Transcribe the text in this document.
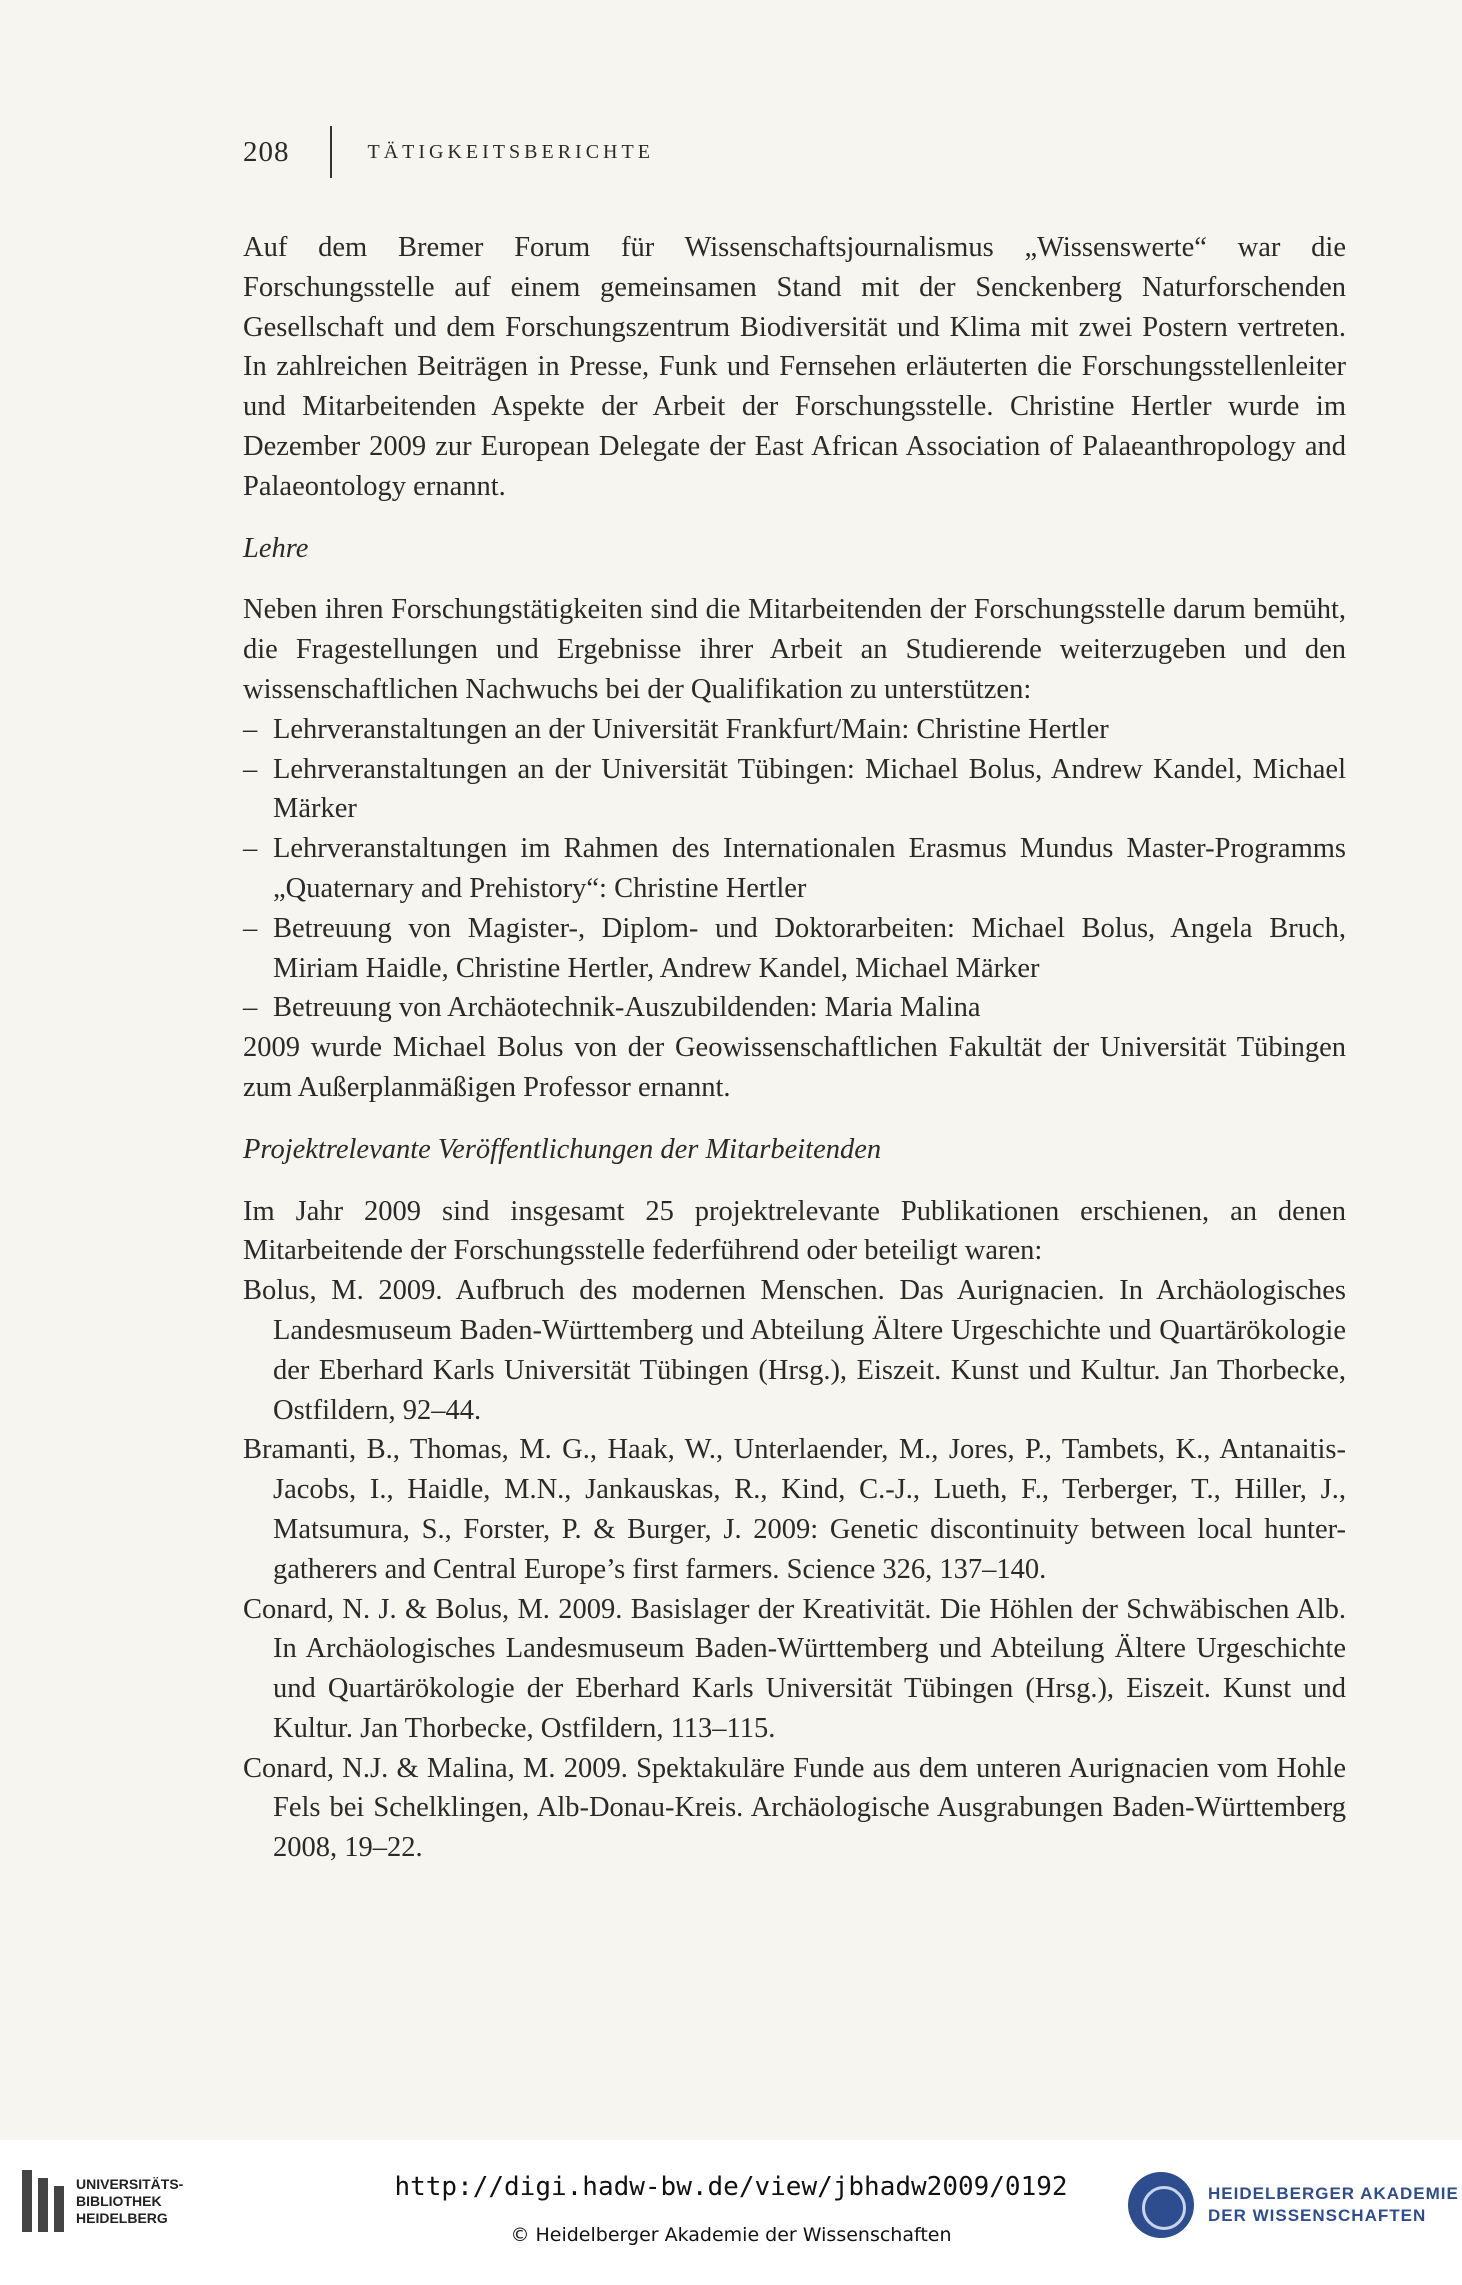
208	TÄTIGKEITSBERICHTE

Auf dem Bremer Forum für Wissenschaftsjournalismus „Wissenswerte“ war die Forschungsstelle auf einem gemeinsamen Stand mit der Senckenberg Naturforschenden Gesellschaft und dem Forschungszentrum Biodiversität und Klima mit zwei Postern vertreten. In zahlreichen Beiträgen in Presse, Funk und Fernsehen erläuterten die Forschungsstellenleiter und Mitarbeitenden Aspekte der Arbeit der Forschungsstelle. Christine Hertler wurde im Dezember 2009 zur European Delegate der East African Association of Palaeanthropology and Palaeontology ernannt.

Lehre

Neben ihren Forschungstätigkeiten sind die Mitarbeitenden der Forschungsstelle darum bemüht, die Fragestellungen und Ergebnisse ihrer Arbeit an Studierende weiterzugeben und den wissenschaftlichen Nachwuchs bei der Qualifikation zu unterstützen:

– Lehrveranstaltungen an der Universität Frankfurt/Main: Christine Hertler
– Lehrveranstaltungen an der Universität Tübingen: Michael Bolus, Andrew Kandel, Michael Märker
– Lehrveranstaltungen im Rahmen des Internationalen Erasmus Mundus Master-Programms „Quaternary and Prehistory“: Christine Hertler
– Betreuung von Magister-, Diplom- und Doktorarbeiten: Michael Bolus, Angela Bruch, Miriam Haidle, Christine Hertler, Andrew Kandel, Michael Märker
– Betreuung von Archäotechnik-Auszubildenden: Maria Malina

2009 wurde Michael Bolus von der Geowissenschaftlichen Fakultät der Universität Tübingen zum Außerplanmäßigen Professor ernannt.

Projektrelevante Veröffentlichungen der Mitarbeitenden

Im Jahr 2009 sind insgesamt 25 projektrelevante Publikationen erschienen, an denen Mitarbeitende der Forschungsstelle federführend oder beteiligt waren:

Bolus, M. 2009. Aufbruch des modernen Menschen. Das Aurignacien. In Archäologisches Landesmuseum Baden-Württemberg und Abteilung Ältere Urgeschichte und Quartärökologie der Eberhard Karls Universität Tübingen (Hrsg.), Eiszeit. Kunst und Kultur. Jan Thorbecke, Ostfildern, 92–44.
Bramanti, B., Thomas, M. G., Haak, W., Unterlaender, M., Jores, P., Tambets, K., Antanaitis-Jacobs, I., Haidle, M.N., Jankauskas, R., Kind, C.-J., Lueth, F., Terberger, T., Hiller, J., Matsumura, S., Forster, P. & Burger, J. 2009: Genetic discontinuity between local hunter-gatherers and Central Europe’s first farmers. Science 326, 137–140.
Conard, N. J. & Bolus, M. 2009. Basislager der Kreativität. Die Höhlen der Schwäbischen Alb. In Archäologisches Landesmuseum Baden-Württemberg und Abteilung Ältere Urgeschichte und Quartärökologie der Eberhard Karls Universität Tübingen (Hrsg.), Eiszeit. Kunst und Kultur. Jan Thorbecke, Ostfildern, 113–115.
Conard, N.J. & Malina, M. 2009. Spektakuläre Funde aus dem unteren Aurignacien vom Hohle Fels bei Schelklingen, Alb-Donau-Kreis. Archäologische Ausgrabungen Baden-Württemberg 2008, 19–22.
UNIVERSITÄTS-
BIBLIOTHEK
HEIDELBERG
http://digi.hadw-bw.de/view/jbhadw2009/0192
© Heidelberger Akademie der Wissenschaften
HEIDELBERGER AKADEMIE
DER WISSENSCHAFTEN
